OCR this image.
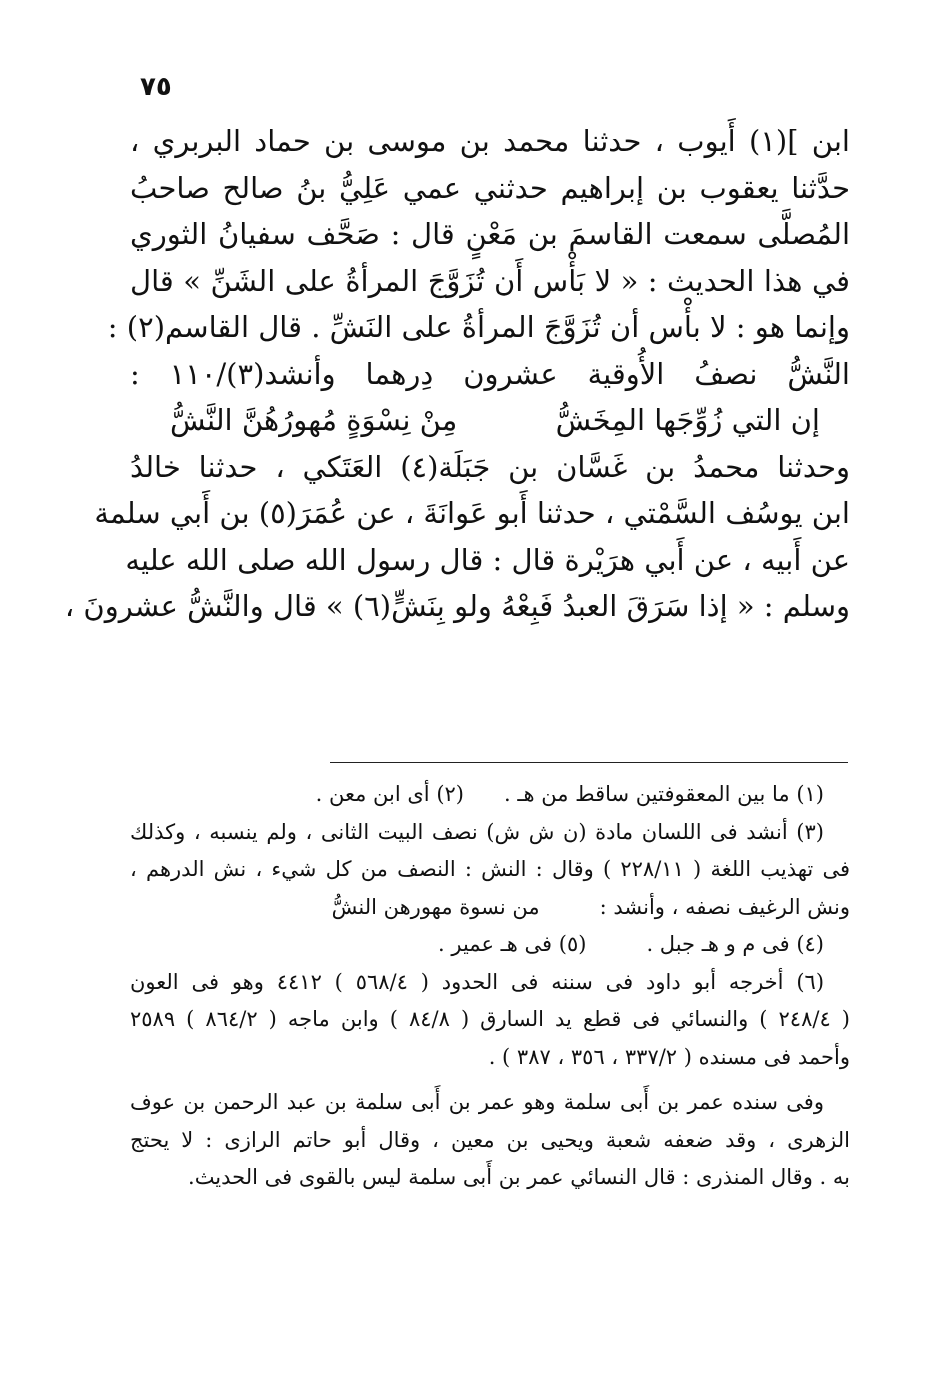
٧٥
ابن ](١) أَيوب ، حدثنا محمد بن موسى بن حماد البربري ،
حدَّثنا يعقوب بن إبراهيم حدثني عمي عَلِيُّ بنُ صالح صاحبُ
المُصلَّى سمعت القاسمَ بن مَعْنٍ قال : صَحَّف سفيانُ الثوري
في هذا الحديث : « لا بَأْس أَن تُزَوَّجَ المرأةُ على الشَنِّ » قال
وإنما هو : لا بأْس أن تُزَوَّجَ المرأةُ على النَشِّ . قال القاسم(٢) :
النَّشُّ نصفُ الأُوقية عشرون دِرهما وأنشد(٣)/١١٠ :
إن التي زُوِّجَها المِخَشُّ
مِنْ نِسْوَةٍ مُهورُهُنَّ النَّشُّ
وحدثنا محمدُ بن غَسَّان بن جَبَلَة(٤) العَتَكي ، حدثنا خالدُ
ابن يوسُف السَّمْتي ، حدثنا أَبو عَوانَةَ ، عن عُمَرَ(٥) بن أَبي سلمة
عن أَبيه ، عن أَبي هرَيْرة قال : قال رسول الله صلى الله عليه
وسلم : « إذا سَرَقَ العبدُ فَبِعْهُ ولو بِنَشٍّ(٦) » قال والنَّشُّ عشرونَ ،
(١) ما بين المعقوفتين ساقط من هـ .(٢) أى ابن معن .
(٣) أنشد فى اللسان مادة (ن ش ش) نصف البيت الثانى ، ولم ينسبه ، وكذلك
فى تهذيب اللغة ( ٢٢٨/١١ ) وقال : النش : النصف من كل شيء ، نش الدرهم ،
ونش الرغيف نصفه ، وأنشد :من نسوة مهورهن النشُّ
(٤) فى م و هـ جبل .(٥) فى هـ عمير .
(٦) أخرجه أبو داود فى سننه فى الحدود ( ٥٦٨/٤ ) ٤٤١٢ وهو فى العون
( ٢٤٨/٤ ) والنسائي فى قطع يد السارق ( ٨٤/٨ ) وابن ماجه ( ٨٦٤/٢ ) ٢٥٨٩
وأحمد فى مسنده ( ٣٣٧/٢ ، ٣٥٦ ، ٣٨٧ ) .
وفى سنده عمر بن أَبى سلمة وهو عمر بن أَبى سلمة بن عبد الرحمن بن عوف
الزهرى ، وقد ضعفه شعبة ويحيى بن معين ، وقال أبو حاتم الرازى : لا يحتج
به . وقال المنذرى : قال النسائي عمر بن أَبى سلمة ليس بالقوى فى الحديث.
